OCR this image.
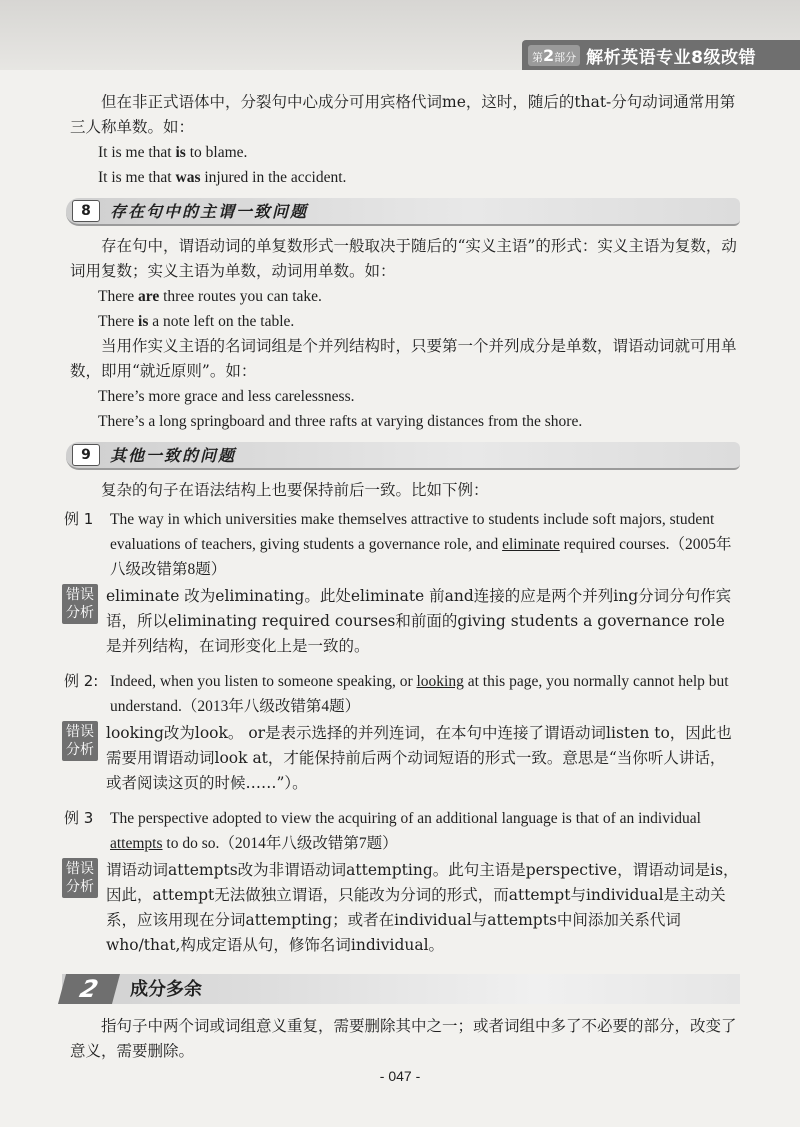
第2部分 解析英语专业8级改错

但在非正式语体中，分裂句中心成分可用宾格代词me，这时，随后的that-分句动词通常用第三人称单数。如：

It is me that is to blame.

It is me that was injured in the accident.

8	存在句中的主谓一致问题

存在句中，谓语动词的单复数形式一般取决于随后的“实义主语”的形式：实义主语为复数，动词用复数；实义主语为单数，动词用单数。如：

There are three routes you can take.

There is a note left on the table.

当用作实义主语的名词词组是个并列结构时，只要第一个并列成分是单数，谓语动词就可用单数，即用“就近原则”。如：

There’s more grace and less carelessness.

There’s a long springboard and three rafts at varying distances from the shore.

9	其他一致的问题

复杂的句子在语法结构上也要保持前后一致。比如下例：

例 1	The way in which universities make themselves attractive to students include soft majors, student evaluations of teachers, giving students a governance role, and eliminate required courses.（2005年八级改错第8题）
错误分析
eliminate 改为eliminating。此处eliminate 前and连接的应是两个并列ing分词分句作宾语，所以eliminating required courses和前面的giving students a governance role是并列结构，在词形变化上是一致的。
例 2: Indeed, when you listen to someone speaking, or looking at this page, you normally cannot help but understand.（2013年八级改错第4题）
错误分析
looking改为look。 or是表示选择的并列连词，在本句中连接了谓语动词listen to，因此也需要用谓语动词look at，才能保持前后两个动词短语的形式一致。意思是“当你听人讲话，或者阅读这页的时候……”）。
例 3	The perspective adopted to view the acquiring of an additional language is that of an individual attempts to do so.（2014年八级改错第7题）
错误分析
谓语动词attempts改为非谓语动词attempting。此句主语是perspective，谓语动词是is，因此，attempt无法做独立谓语，只能改为分词的形式，而attempt与individual是主动关系，应该用现在分词attempting；或者在individual与attempts中间添加关系代词who/that,构成定语从句，修饰名词individual。
2	成分多余

指句子中两个词或词组意义重复，需要删除其中之一；或者词组中多了不必要的部分，改变了意义，需要删除。

- 047 -
